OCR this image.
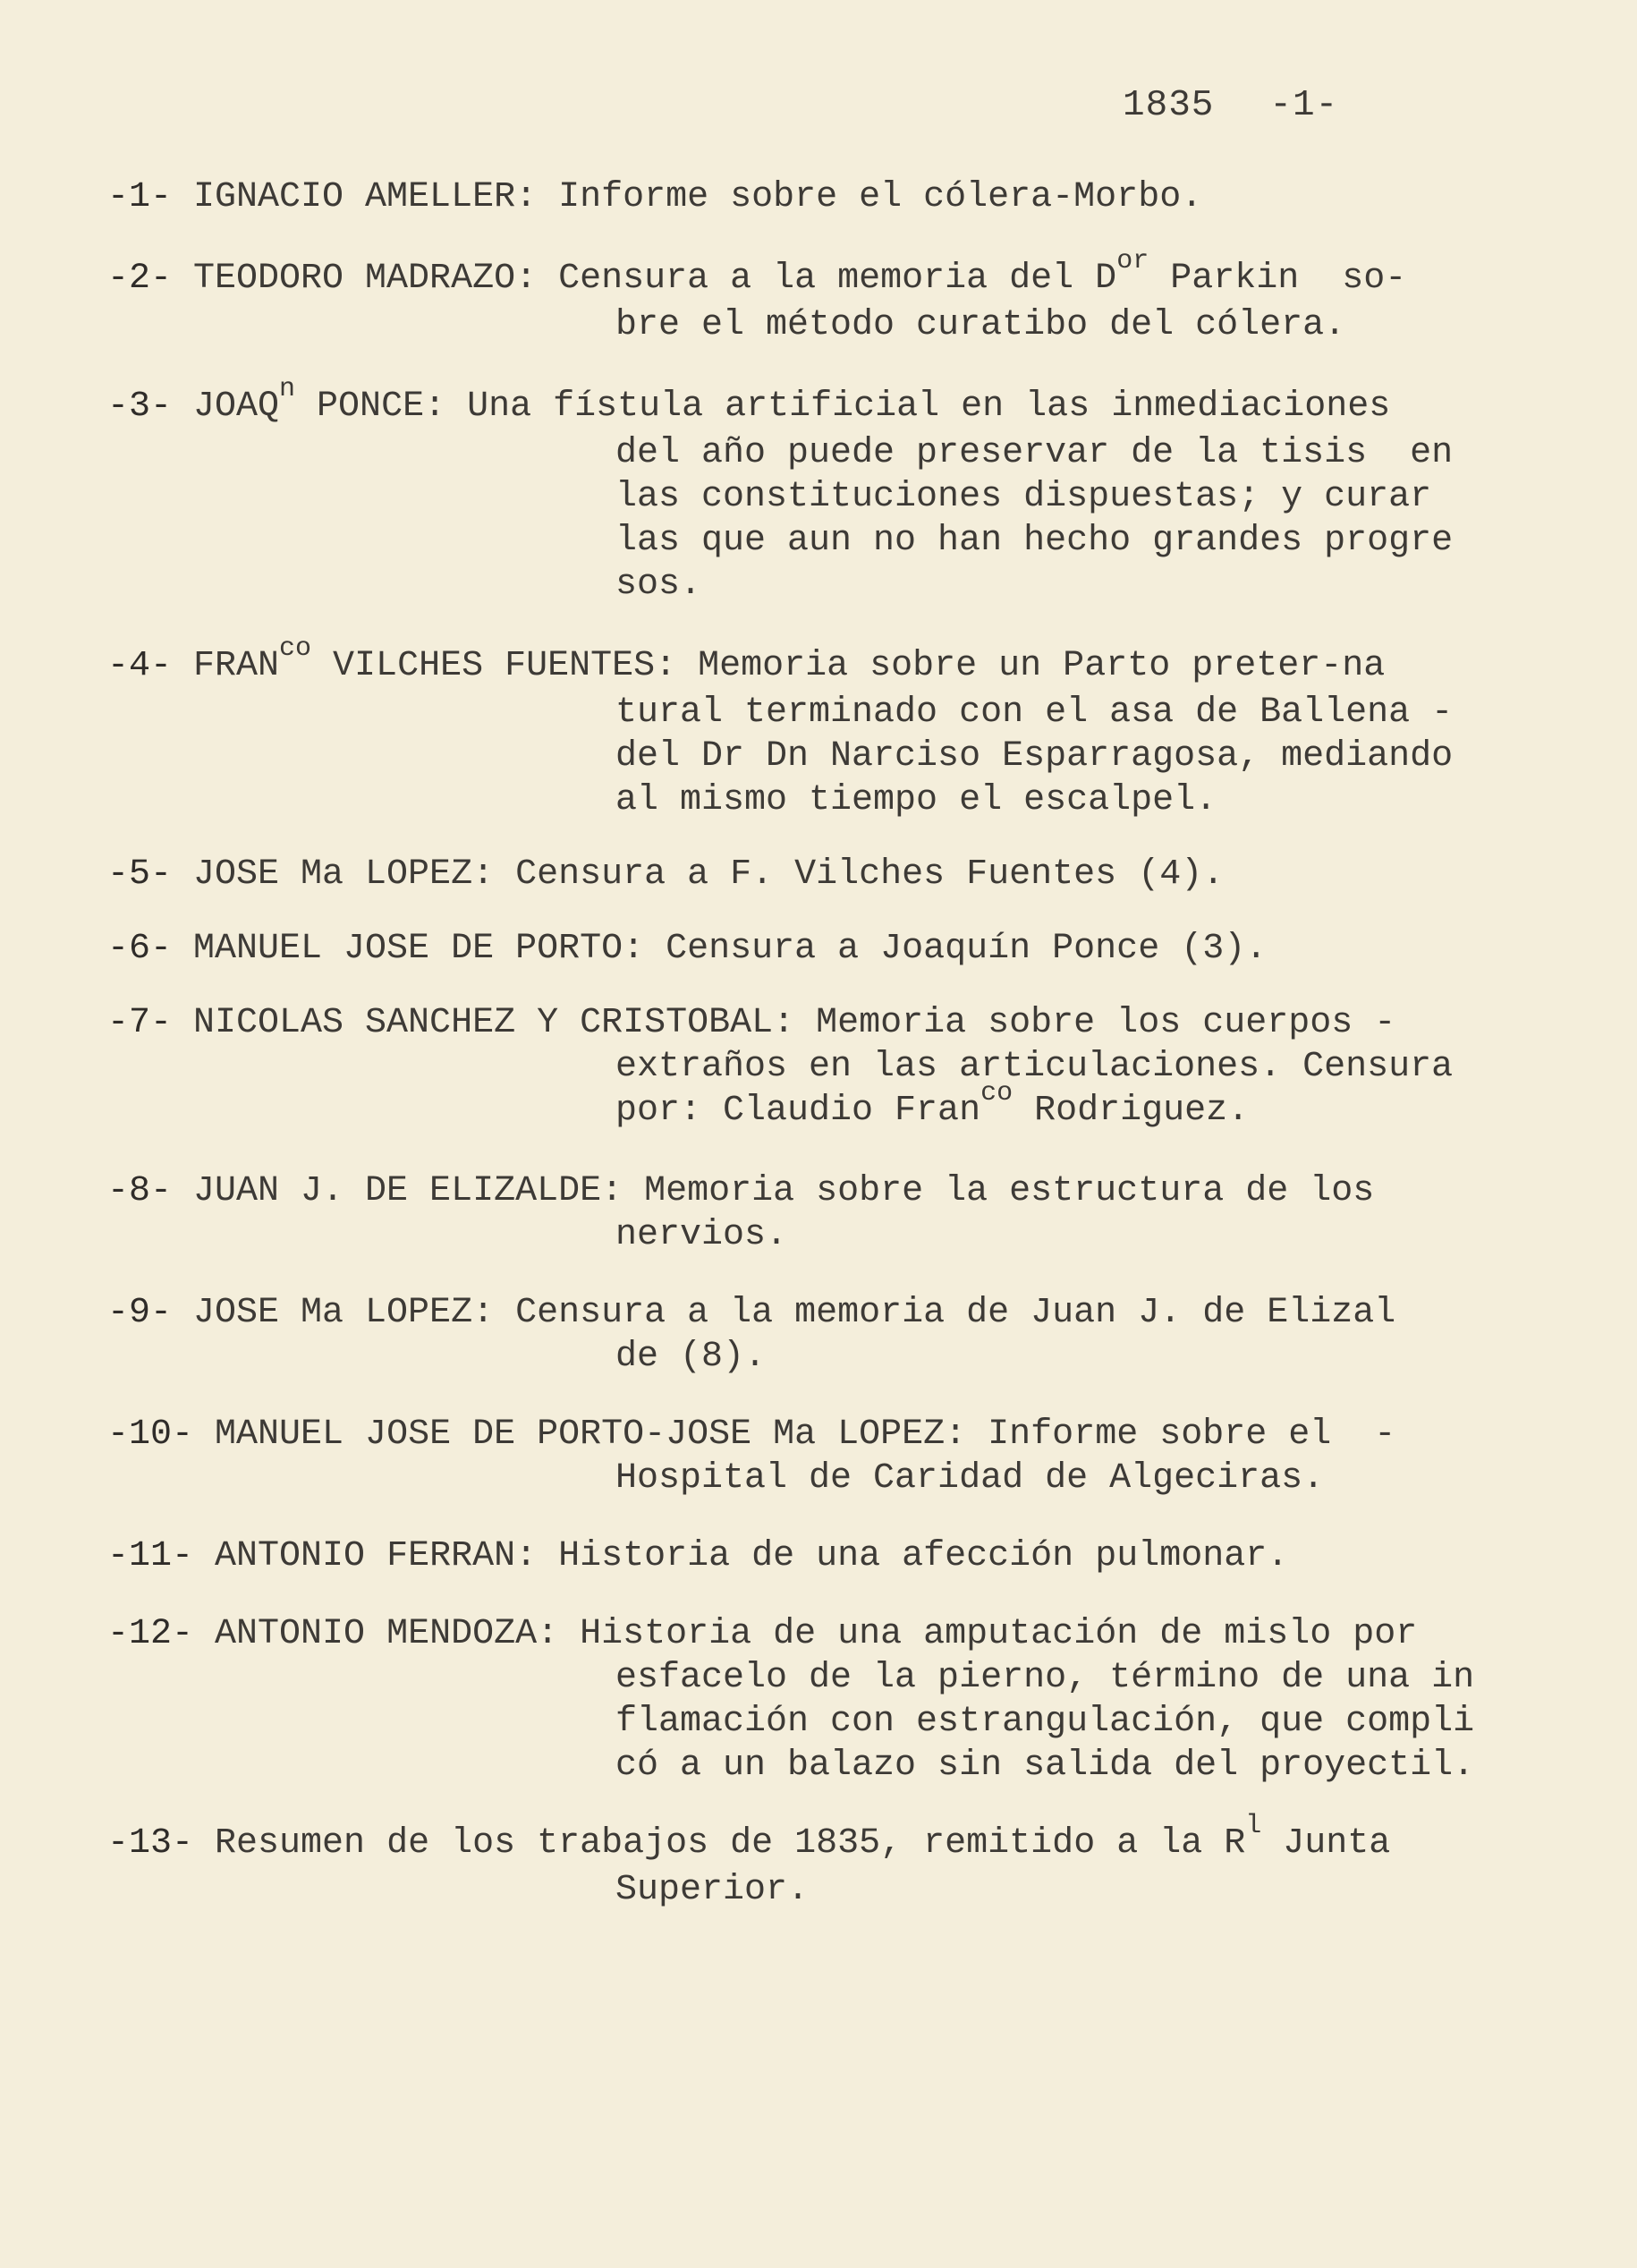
1835 -1-
-1- IGNACIO AMELLER: Informe sobre el cólera-Morbo.
-2- TEODORO MADRAZO: Censura a la memoria del $D^{or}$ Parkin  so-
bre el método curatibo del cólera.
-3- JOAQ$^n$ PONCE: Una fístula artificial en las inmediaciones
del año puede preservar de la tisis  en
las constituciones dispuestas; y curar
las que aun no han hecho grandes progre
sos.
-4- $FRAN^{co}$ VILCHES FUENTES: Memoria sobre un Parto preter-na
tural terminado con el asa de Ballena -
del Dr Dn Narciso Esparragosa, mediando
al mismo tiempo el escalpel.
-5- JOSE Ma LOPEZ: Censura a F. Vilches Fuentes (4).
-6- MANUEL JOSE DE PORTO: Censura a Joaquín Ponce (3).
-7- NICOLAS SANCHEZ Y CRISTOBAL: Memoria sobre los cuerpos -
extraños en las articulaciones. Censura
por: Claudio Fran$^{co}$ Rodriguez.
-8- JUAN J. DE ELIZALDE: Memoria sobre la estructura de los
nervios.
-9- JOSE Ma LOPEZ: Censura a la memoria de Juan J. de Elizal
de (8).
-10- MANUEL JOSE DE PORTO-JOSE Ma LOPEZ: Informe sobre el  -
Hospital de Caridad de Algeciras.
-11- ANTONIO FERRAN: Historia de una afección pulmonar.
-12- ANTONIO MENDOZA: Historia de una amputación de mislo por
esfacelo de la pierno, término de una in
flamación con estrangulación, que compli
có a un balazo sin salida del proyectil.
-13- Resumen de los trabajos de 1835, remitido a la $R^l$ Junta
Superior.
